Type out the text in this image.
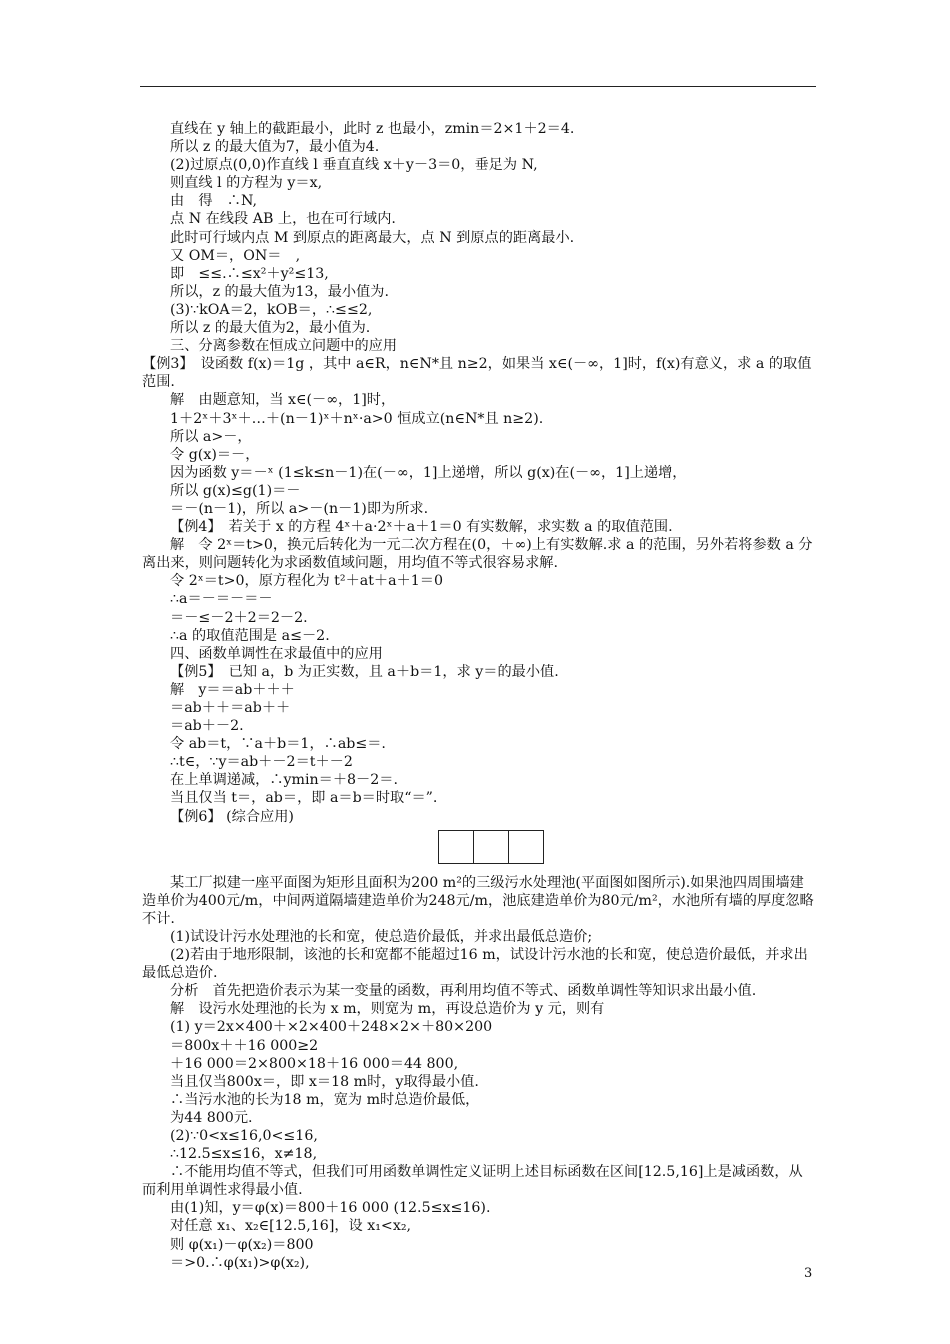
直线在 y 轴上的截距最小，此时 z 也最小，zmin＝2×1＋2＝4.
所以 z 的最大值为7，最小值为4.
(2)过原点(0,0)作直线 l 垂直直线 x＋y－3＝0，垂足为 N,
则直线 l 的方程为 y＝x,
由　得　∴N,
点 N 在线段 AB 上，也在可行域内.
此时可行域内点 M 到原点的距离最大，点 N 到原点的距离最小.
又 OM＝，ON＝　,
即　≤≤.∴≤x²＋y²≤13,
所以，z 的最大值为13，最小值为.
(3)∵kOA＝2，kOB＝，∴≤≤2,
所以 z 的最大值为2，最小值为.
三、分离参数在恒成立问题中的应用
【例3】　设函数 f(x)＝1g ，其中 a∈R，n∈N*且 n≥2，如果当 x∈(－∞，1]时，f(x)有意义，求 a 的取值范围.
解　由题意知，当 x∈(－∞，1]时，
1＋2ˣ＋3ˣ＋…＋(n－1)ˣ＋nˣ·a>0 恒成立(n∈N*且 n≥2).
所以 a>－，
令 g(x)＝－，
因为函数 y＝－ˣ (1≤k≤n－1)在(－∞，1]上递增，所以 g(x)在(－∞，1]上递增，
所以 g(x)≤g(1)＝－
＝－(n－1)，所以 a>－(n－1)即为所求.
【例4】　若关于 x 的方程 4ˣ＋a·2ˣ＋a＋1＝0 有实数解，求实数 a 的取值范围.
解　令 2ˣ＝t>0，换元后转化为一元二次方程在(0，＋∞)上有实数解.求 a 的范围，另外若将参数 a 分离出来，则问题转化为求函数值域问题，用均值不等式很容易求解.
令 2ˣ＝t>0，原方程化为 t²＋at＋a＋1＝0
∴a＝－＝－＝－
＝－≤－2＋2＝2－2.
∴a 的取值范围是 a≤－2.
四、函数单调性在求最值中的应用
【例5】　已知 a，b 为正实数，且 a＋b＝1，求 y＝的最小值.
解　y＝＝ab＋＋＋
＝ab＋＋＝ab＋＋
＝ab＋－2.
令 ab＝t，∵a＋b＝1，∴ab≤＝.
∴t∈，∵y＝ab＋－2＝t＋－2
在上单调递减，∴ymin＝＋8－2＝.
当且仅当 t＝，ab＝，即 a＝b＝时取“＝”.
【例6】 (综合应用)
某工厂拟建一座平面图为矩形且面积为200 m²的三级污水处理池(平面图如图所示).如果池四周围墙建造单价为400元/m，中间两道隔墙建造单价为248元/m，池底建造单价为80元/m²，水池所有墙的厚度忽略不计.
(1)试设计污水处理池的长和宽，使总造价最低，并求出最低总造价;
(2)若由于地形限制，该池的长和宽都不能超过16 m，试设计污水池的长和宽，使总造价最低，并求出最低总造价.
分析　首先把造价表示为某一变量的函数，再利用均值不等式、函数单调性等知识求出最小值.
解　设污水处理池的长为 x m，则宽为 m，再设总造价为 y 元，则有
(1) y＝2x×400＋×2×400＋248×2×＋80×200
＝800x＋＋16 000≥2
＋16 000＝2×800×18＋16 000＝44 800,
当且仅当800x＝，即 x＝18 m时，y取得最小值.
∴当污水池的长为18 m，宽为 m时总造价最低，
为44 800元.
(2)∵0<x≤16,0<≤16,
∴12.5≤x≤16，x≠18,
∴不能用均值不等式，但我们可用函数单调性定义证明上述目标函数在区间[12.5,16]上是减函数，从而利用单调性求得最小值.
由(1)知，y＝φ(x)＝800＋16 000 (12.5≤x≤16).
对任意 x₁、x₂∈[12.5,16]，设 x₁<x₂,
则 φ(x₁)－φ(x₂)＝800
＝>0.∴φ(x₁)>φ(x₂),
3
